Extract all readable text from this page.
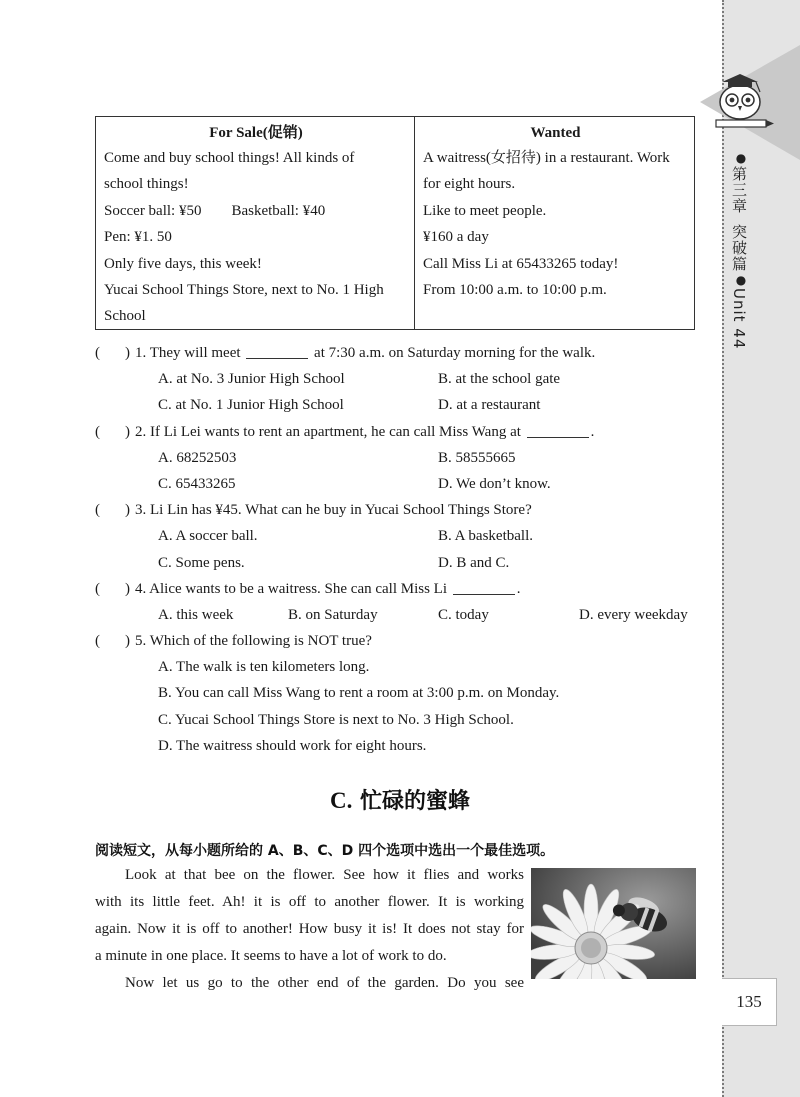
●
第三章
突破篇
●
Unit 44
135
For Sale(促销)
Come and buy school things! All kinds of
school things!
Soccer ball: ¥50 Basketball: ¥40
Pen: ¥1. 50
Only five days, this week!
Yucai School Things Store, next to No. 1 High
School
Wanted
A waitress(女招待) in a restaurant. Work
for eight hours.
Like to meet people.
¥160 a day
Call Miss Li at 65433265 today!
From 10:00 a.m. to 10:00 p.m.
( ) 1. They will meet	at 7:30 a.m. on Saturday morning for the walk.
A. at No. 3 Junior High School	B. at the school gate
C. at No. 1 Junior High School	D. at a restaurant
( ) 2. If Li Lei wants to rent an apartment, he can call Miss Wang at	.
A. 68252503	B. 58555665
C. 65433265	D. We don’t know.
( ) 3. Li Lin has ¥45. What can he buy in Yucai School Things Store?
A. A soccer ball.	B. A basketball.
C. Some pens.	D. B and C.
( ) 4. Alice wants to be a waitress. She can call Miss Li	.
A. this week	B. on Saturday	C. today	D. every weekday
( ) 5. Which of the following is NOT true?
A. The walk is ten kilometers long.
B. You can call Miss Wang to rent a room at 3:00 p.m. on Monday.
C. Yucai School Things Store is next to No. 3 High School.
D. The waitress should work for eight hours.
C. 忙碌的蜜蜂
阅读短文，从每小题所给的 A、B、C、D 四个选项中选出一个最佳选项。
Look at that bee on the flower. See how it flies and works
with its little feet. Ah! it is off to another flower. It is working
again. Now it is off to another! How busy it is! It does not stay for
a minute in one place. It seems to have a lot of work to do.
Now let us go to the other end of the garden. Do you see
